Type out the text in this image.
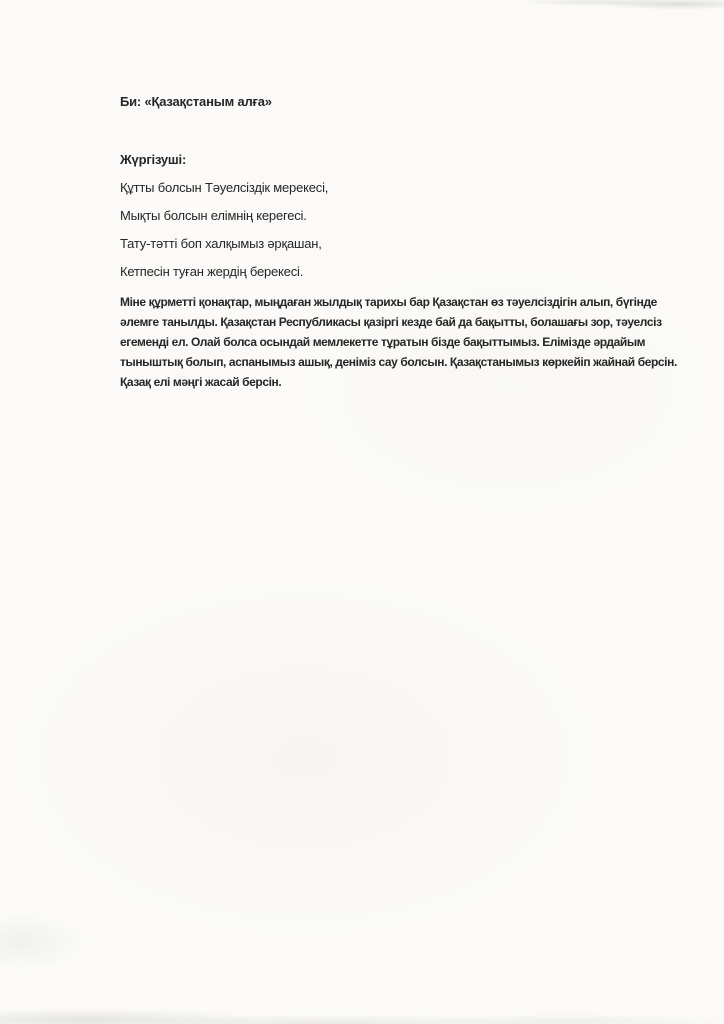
Би: «Қазақстаным алға»
Жүргізуші:
Құтты болсын Тәуелсіздік мерекесі,
Мықты болсын елімнің керегесі.
Тату-тәтті боп халқымыз әрқашан,
Кетпесін туған жердің берекесі.
Міне құрметті қонақтар, мыңдаған жылдық тарихы бар Қазақстан өз тәуелсіздігін алып, бүгінде
әлемге танылды. Қазақстан Республикасы қазіргі кезде бай да бақытты, болашағы зор, тәуелсіз
егеменді ел. Олай болса осындай мемлекетте тұратын бізде бақыттымыз. Елімізде әрдайым
тыныштық болып, аспанымыз ашық, деніміз сау болсын. Қазақстанымыз көркейіп жайнай берсін.
Қазақ елі мәңгі жасай берсін.
